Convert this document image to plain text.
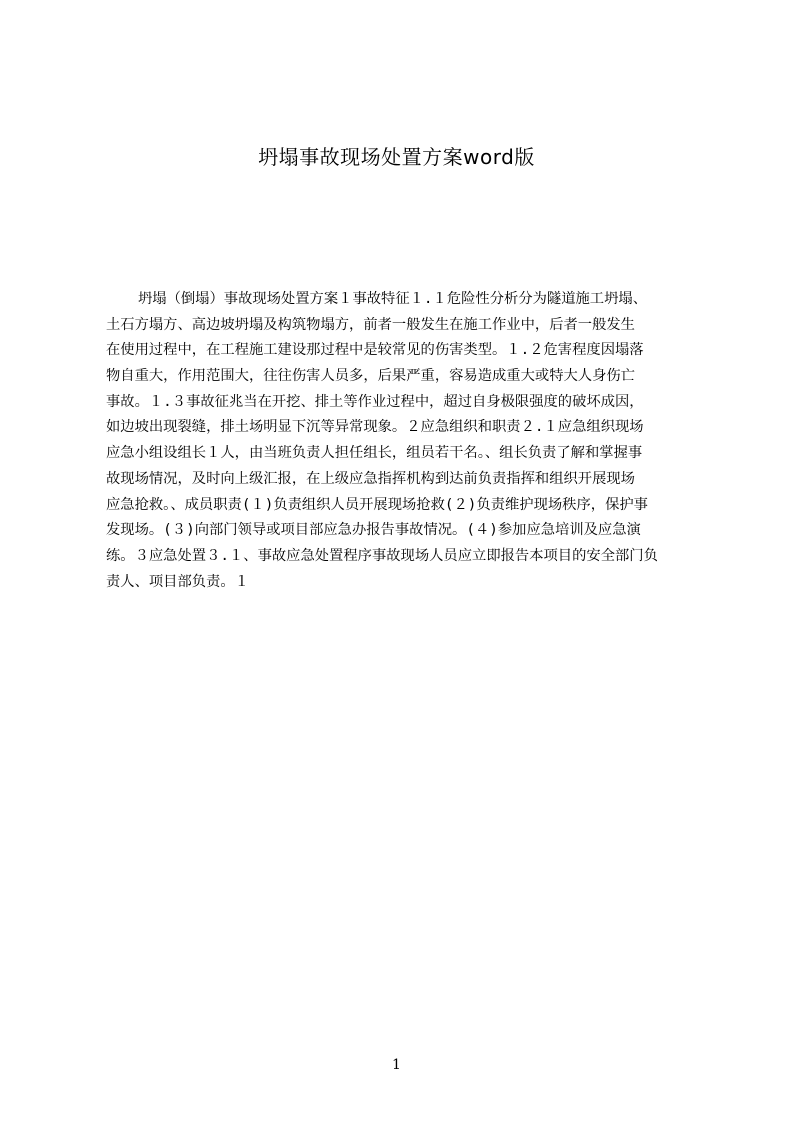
坍塌事故现场处置方案word版
坍塌（倒塌）事故现场处置方案１事故特征１.１危险性分析分为隧道施工坍塌、
土石方塌方、高边坡坍塌及构筑物塌方，前者一般发生在施工作业中，后者一般发生
在使用过程中，在工程施工建设那过程中是较常见的伤害类型。１.２危害程度因塌落
物自重大，作用范围大，往往伤害人员多，后果严重，容易造成重大或特大人身伤亡
事故。１.３事故征兆当在开挖、排土等作业过程中，超过自身极限强度的破坏成因，
如边坡出现裂缝，排土场明显下沉等异常现象。２应急组织和职责２.１应急组织现场
应急小组设组长１人，由当班负责人担任组长，组员若干名。、组长负责了解和掌握事
故现场情况，及时向上级汇报，在上级应急指挥机构到达前负责指挥和组织开展现场
应急抢救。、成员职责(１)负责组织人员开展现场抢救(２)负责维护现场秩序，保护事
发现场。(３)向部门领导或项目部应急办报告事故情况。(４)参加应急培训及应急演
练。３应急处置３.１、事故应急处置程序事故现场人员应立即报告本项目的安全部门负
责人、项目部负责。１
1
